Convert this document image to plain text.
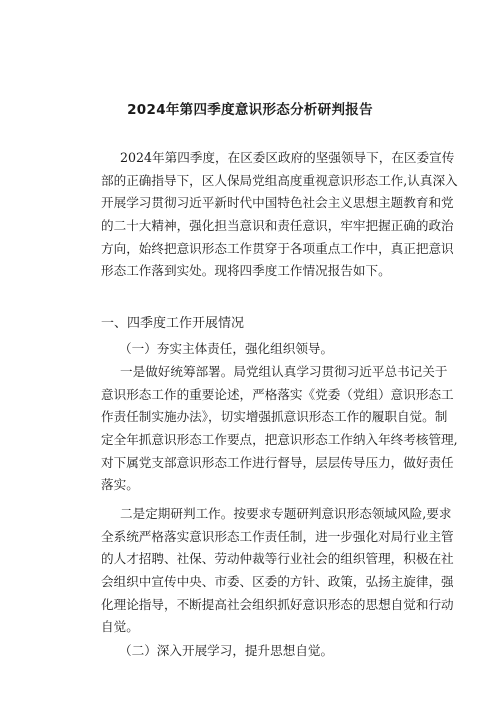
2024年第四季度意识形态分析研判报告
2024年第四季度，在区委区政府的坚强领导下，在区委宣传
部的正确指导下，区人保局党组高度重视意识形态工作,认真深入
开展学习贯彻习近平新时代中国特色社会主义思想主题教育和党
的二十大精神，强化担当意识和责任意识，牢牢把握正确的政治
方向，始终把意识形态工作贯穿于各项重点工作中，真正把意识
形态工作落到实处。现将四季度工作情况报告如下。
一、四季度工作开展情况
（一）夯实主体责任，强化组织领导。
一是做好统筹部署。局党组认真学习贯彻习近平总书记关于
意识形态工作的重要论述，严格落实《党委（党组）意识形态工
作责任制实施办法》，切实增强抓意识形态工作的履职自觉。制
定全年抓意识形态工作要点，把意识形态工作纳入年终考核管理,
对下属党支部意识形态工作进行督导，层层传导压力，做好责任
落实。
二是定期研判工作。按要求专题研判意识形态领域风险,要求
全系统严格落实意识形态工作责任制，进一步强化对局行业主管
的人才招聘、社保、劳动仲裁等行业社会的组织管理，积极在社
会组织中宣传中央、市委、区委的方针、政策，弘扬主旋律，强
化理论指导，不断提高社会组织抓好意识形态的思想自觉和行动
自觉。
（二）深入开展学习，提升思想自觉。
